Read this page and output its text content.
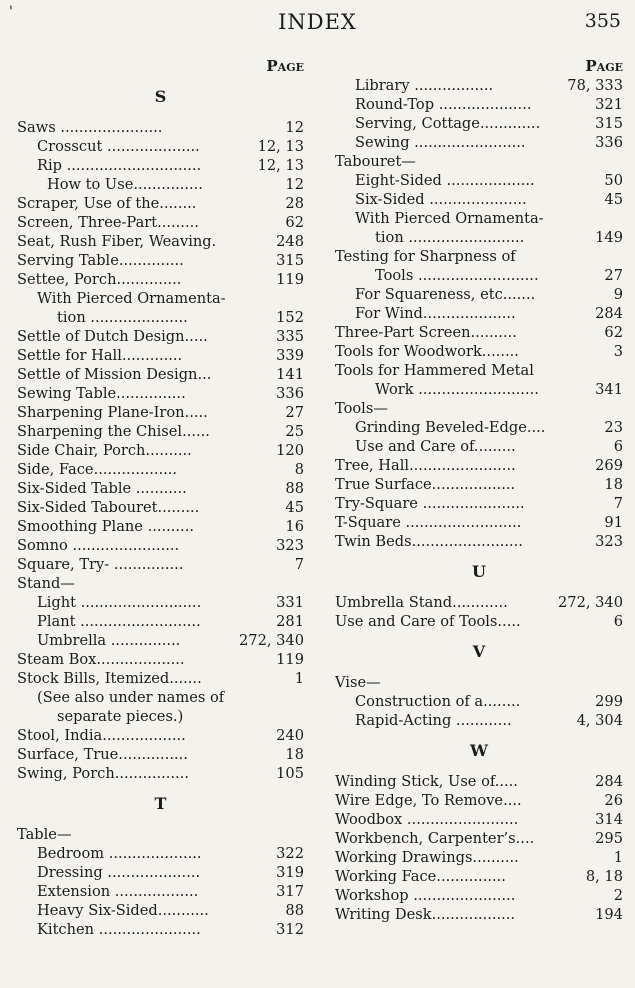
'	INDEX	355
Page
S
Saws ......................	12
Crosscut ....................	12, 13
Rip .............................	12, 13
How to Use...............	12
Scraper, Use of the........	28
Screen, Three-Part.........	62
Seat, Rush Fiber, Weaving.	248
Serving Table..............	315
Settee, Porch..............	119
With Pierced Ornamenta-
tion .....................	152
Settle of Dutch Design.....	335
Settle for Hall.............	339
Settle of Mission Design...	141
Sewing Table...............	336
Sharpening Plane-Iron.....	27
Sharpening the Chisel......	25
Side Chair, Porch..........	120
Side, Face..................	8
Six-Sided Table ...........	88
Six-Sided Tabouret.........	45
Smoothing Plane ..........	16
Somno .......................	323
Square, Try- ...............	7
Stand—
Light ..........................	331
Plant ..........................	281
Umbrella ...............	272, 340
Steam Box...................	119
Stock Bills, Itemized.......	1
(See also under names of
separate pieces.)
Stool, India..................	240
Surface, True...............	18
Swing, Porch................	105
T
Table—
Bedroom ....................	322
Dressing ....................	319
Extension ..................	317
Heavy Six-Sided...........	88
Kitchen ......................	312
Page
Library .................	78, 333
Round-Top ....................	321
Serving, Cottage.............	315
Sewing ........................	336
Tabouret—
Eight-Sided ...................	50
Six-Sided .....................	45
With Pierced Ornamenta-
tion .........................	149
Testing for Sharpness of
Tools ..........................	27
For Squareness, etc.......	9
For Wind....................	284
Three-Part Screen..........	62
Tools for Woodwork........	3
Tools for Hammered Metal
Work ..........................	341
Tools—
Grinding Beveled-Edge....	23
Use and Care of.........	6
Tree, Hall.......................	269
True Surface..................	18
Try-Square ......................	7
T-Square .........................	91
Twin Beds........................	323
U
Umbrella Stand............	272, 340
Use and Care of Tools.....	6
V
Vise—
Construction of a........	299
Rapid-Acting ............	4, 304
W
Winding Stick, Use of.....	284
Wire Edge, To Remove....	26
Woodbox ........................	314
Workbench, Carpenter’s....	295
Working Drawings..........	1
Working Face...............	8, 18
Workshop ......................	2
Writing Desk..................	194
